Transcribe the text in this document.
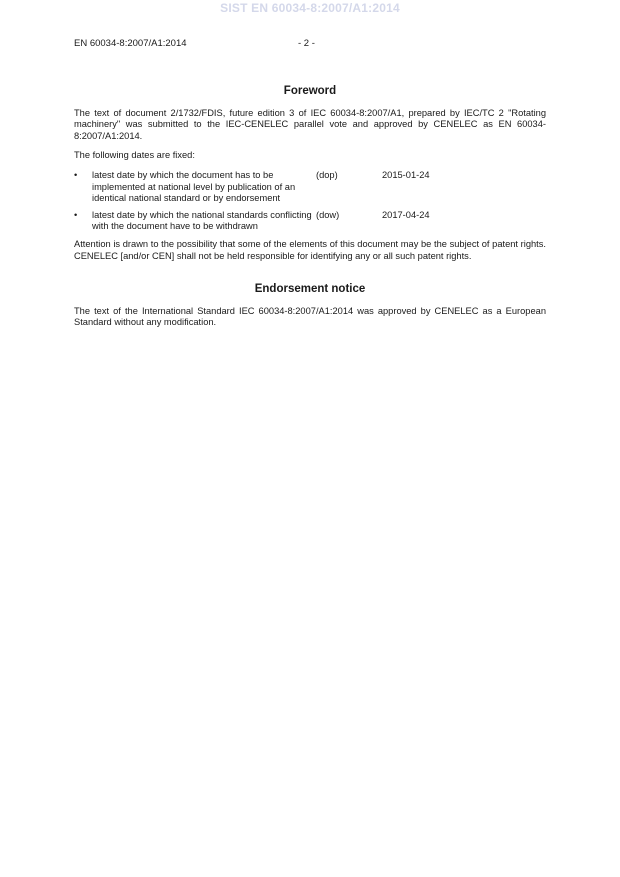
SIST EN 60034-8:2007/A1:2014
EN 60034-8:2007/A1:2014	- 2 -
Foreword

The text of document 2/1732/FDIS, future edition 3 of IEC 60034-8:2007/A1, prepared by IEC/TC 2 "Rotating machinery" was submitted to the IEC-CENELEC parallel vote and approved by CENELEC as EN 60034-8:2007/A1:2014.

The following dates are fixed:

•	latest date by which the document has to be implemented at national level by publication of an identical national standard or by endorsement
(dop)	2015-01-24
•	latest date by which the national standards conflicting with the document have to be withdrawn
(dow)	2017-04-24

Attention is drawn to the possibility that some of the elements of this document may be the subject of patent rights. CENELEC [and/or CEN] shall not be held responsible for identifying any or all such patent rights.

Endorsement notice

The text of the International Standard IEC 60034-8:2007/A1:2014 was approved by CENELEC as a European Standard without any modification.
